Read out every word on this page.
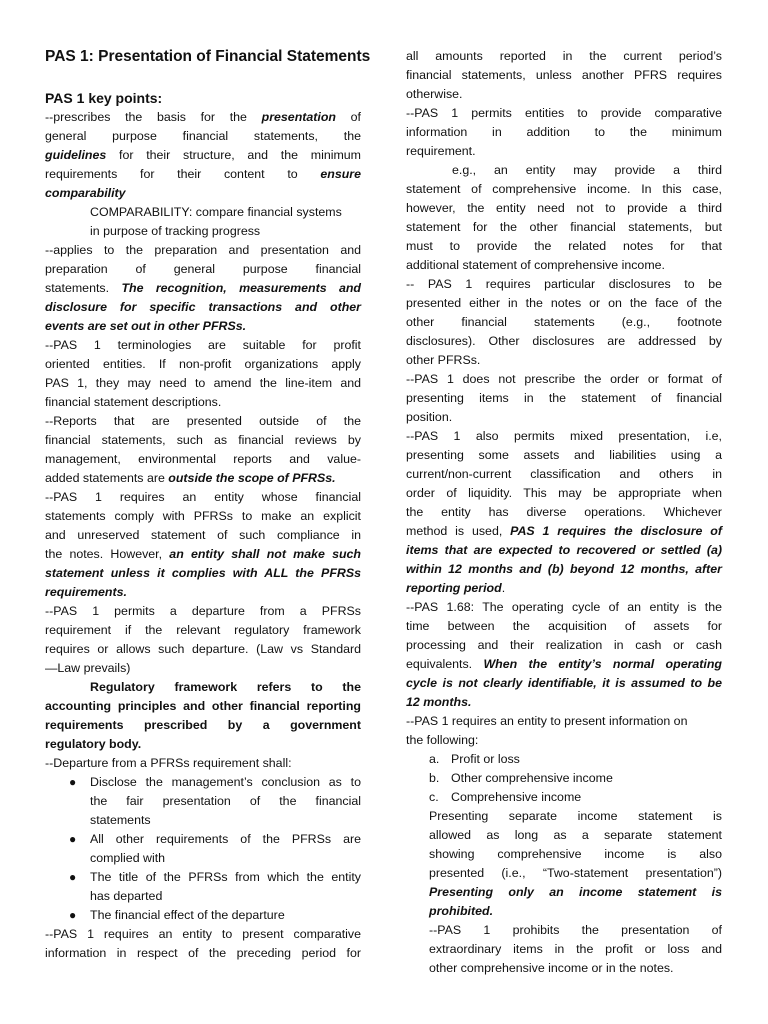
PAS 1: Presentation of Financial Statements
PAS 1 key points:
--prescribes the basis for the presentation of
general purpose financial statements, the
guidelines for their structure, and the minimum
requirements for their content to ensure
comparability
COMPARABILITY: compare financial systems
in purpose of tracking progress
--applies to the preparation and presentation and
preparation of general purpose financial
statements. The recognition, measurements and
disclosure for specific transactions and other
events are set out in other PFRSs.
--PAS 1 terminologies are suitable for profit
oriented entities. If non-profit organizations apply
PAS 1, they may need to amend the line-item and
financial statement descriptions.
--Reports that are presented outside of the
financial statements, such as financial reviews by
management, environmental reports and value-
added statements are outside the scope of PFRSs.
--PAS 1 requires an entity whose financial
statements comply with PFRSs to make an explicit
and unreserved statement of such compliance in
the notes. However, an entity shall not make such
statement unless it complies with ALL the PFRSs
requirements.
--PAS 1 permits a departure from a PFRSs
requirement if the relevant regulatory framework
requires or allows such departure. (Law vs Standard
—Law prevails)
Regulatory framework refers to the
accounting principles and other financial reporting
requirements prescribed by a government
regulatory body.
--Departure from a PFRSs requirement shall:
● Disclose the management’s conclusion as to
the fair presentation of the financial
statements
● All other requirements of the PFRSs are
complied with
● The title of the PFRSs from which the entity
has departed
● The financial effect of the departure
--PAS 1 requires an entity to present comparative
information in respect of the preceding period for
all amounts reported in the current period’s
financial statements, unless another PFRS requires
otherwise.
--PAS 1 permits entities to provide comparative
information in addition to the minimum
requirement.
e.g., an entity may provide a third
statement of comprehensive income. In this case,
however, the entity need not to provide a third
statement for the other financial statements, but
must to provide the related notes for that
additional statement of comprehensive income.
-- PAS 1 requires particular disclosures to be
presented either in the notes or on the face of the
other financial statements (e.g., footnote
disclosures). Other disclosures are addressed by
other PFRSs.
--PAS 1 does not prescribe the order or format of
presenting items in the statement of financial
position.
--PAS 1 also permits mixed presentation, i.e,
presenting some assets and liabilities using a
current/non-current classification and others in
order of liquidity. This may be appropriate when
the entity has diverse operations. Whichever
method is used, PAS 1 requires the disclosure of
items that are expected to recovered or settled (a)
within 12 months and (b) beyond 12 months, after
reporting period.
--PAS 1.68: The operating cycle of an entity is the
time between the acquisition of assets for
processing and their realization in cash or cash
equivalents. When the entity’s normal operating
cycle is not clearly identifiable, it is assumed to be
12 months.
--PAS 1 requires an entity to present information on
the following:
a. Profit or loss
b. Other comprehensive income
c. Comprehensive income
Presenting separate income statement is
allowed as long as a separate statement
showing comprehensive income is also
presented (i.e., “Two-statement presentation”)
Presenting only an income statement is
prohibited.
--PAS 1 prohibits the presentation of
extraordinary items in the profit or loss and
other comprehensive income or in the notes.
